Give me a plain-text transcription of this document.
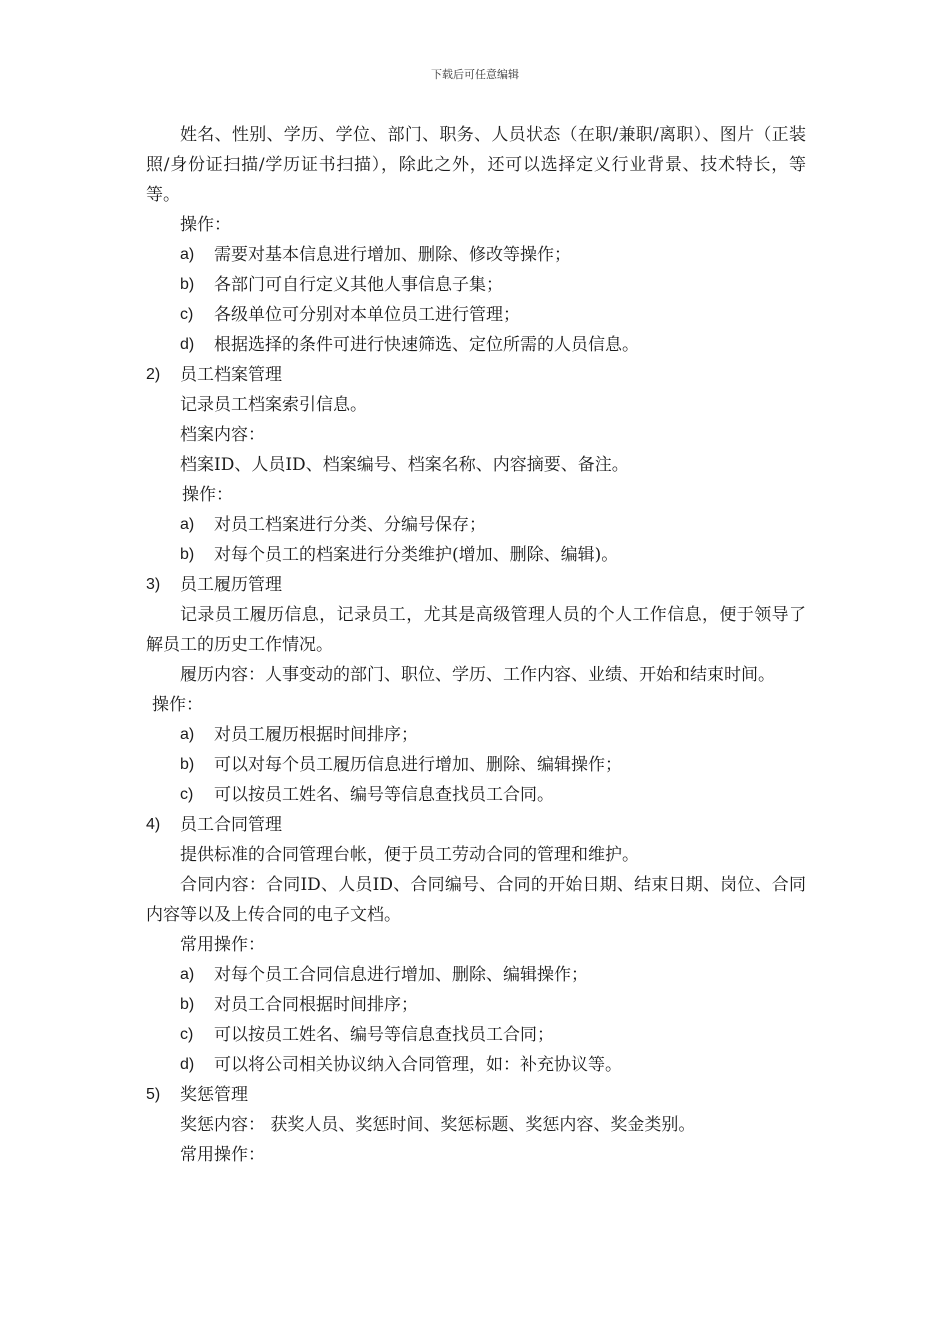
下载后可任意编辑

姓名、性别、学历、学位、部门、职务、人员状态（在职/兼职/离职）、图片（正装照/身份证扫描/学历证书扫描），除此之外，还可以选择定义行业背景、技术特长，等等。

操作：

a)	需要对基本信息进行增加、删除、修改等操作；
b)	各部门可自行定义其他人事信息子集；
c)	各级单位可分别对本单位员工进行管理；
d)	根据选择的条件可进行快速筛选、定位所需的人员信息。
2)	员工档案管理

记录员工档案索引信息。

档案内容：

档案ID、人员ID、档案编号、档案名称、内容摘要、备注。

操作：

a)	对员工档案进行分类、分编号保存；
b)	对每个员工的档案进行分类维护(增加、删除、编辑)。
3)	员工履历管理

记录员工履历信息，记录员工，尤其是高级管理人员的个人工作信息，便于领导了解员工的历史工作情况。

履历内容：人事变动的部门、职位、学历、工作内容、业绩、开始和结束时间。

操作：

a)	对员工履历根据时间排序；
b)	可以对每个员工履历信息进行增加、删除、编辑操作；
c)	可以按员工姓名、编号等信息查找员工合同。
4)	员工合同管理

提供标准的合同管理台帐，便于员工劳动合同的管理和维护。

合同内容：合同ID、人员ID、合同编号、合同的开始日期、结束日期、岗位、合同内容等以及上传合同的电子文档。

常用操作：

a)	对每个员工合同信息进行增加、删除、编辑操作；
b)	对员工合同根据时间排序；
c)	可以按员工姓名、编号等信息查找员工合同；
d)	可以将公司相关协议纳入合同管理，如：补充协议等。
5)	奖惩管理

奖惩内容： 获奖人员、奖惩时间、奖惩标题、奖惩内容、奖金类别。

常用操作：
